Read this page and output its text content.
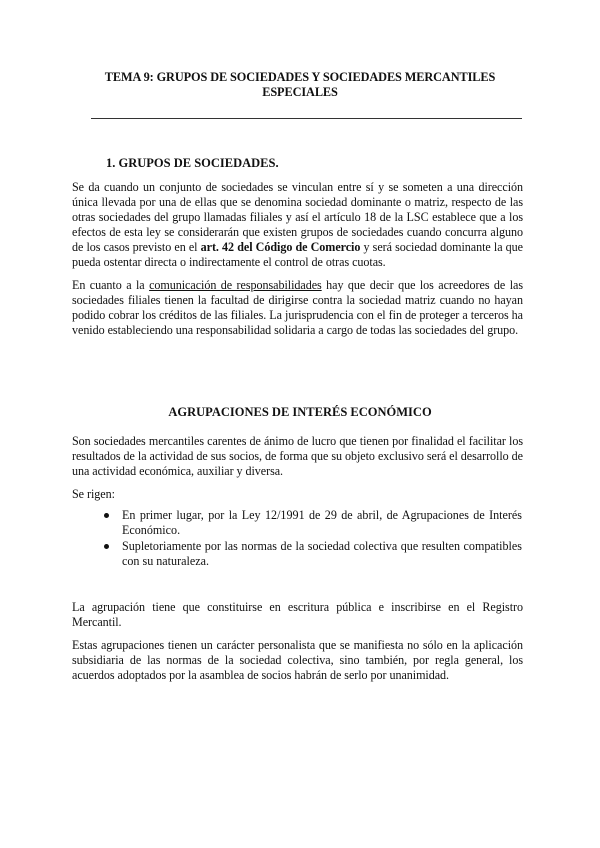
TEMA 9: GRUPOS DE SOCIEDADES Y SOCIEDADES MERCANTILES ESPECIALES
1. GRUPOS DE SOCIEDADES.
Se da cuando un conjunto de sociedades se vinculan entre sí y se someten a una dirección única llevada por una de ellas que se denomina sociedad dominante o matriz, respecto de las otras sociedades del grupo llamadas filiales y así el artículo 18 de la LSC establece que a los efectos de esta ley se considerarán que existen grupos de sociedades cuando concurra alguno de los casos previsto en el art. 42 del Código de Comercio y será sociedad dominante la que pueda ostentar directa o indirectamente el control de otras cuotas.
En cuanto a la comunicación de responsabilidades hay que decir que los acreedores de las sociedades filiales tienen la facultad de dirigirse contra la sociedad matriz cuando no hayan podido cobrar los créditos de las filiales. La jurisprudencia con el fin de proteger a terceros ha venido estableciendo una responsabilidad solidaria a cargo de todas las sociedades del grupo.
AGRUPACIONES DE INTERÉS ECONÓMICO
Son sociedades mercantiles carentes de ánimo de lucro que tienen por finalidad el facilitar los resultados de la actividad de sus socios, de forma que su objeto exclusivo será el desarrollo de una actividad económica, auxiliar y diversa.
Se rigen:
En primer lugar, por la Ley 12/1991 de 29 de abril, de Agrupaciones de Interés Económico.
Supletoriamente por las normas de la sociedad colectiva que resulten compatibles con su naturaleza.
La agrupación tiene que constituirse en escritura pública e inscribirse en el Registro Mercantil.
Estas agrupaciones tienen un carácter personalista que se manifiesta no sólo en la aplicación subsidiaria de las normas de la sociedad colectiva, sino también, por regla general, los acuerdos adoptados por la asamblea de socios habrán de serlo por unanimidad.
